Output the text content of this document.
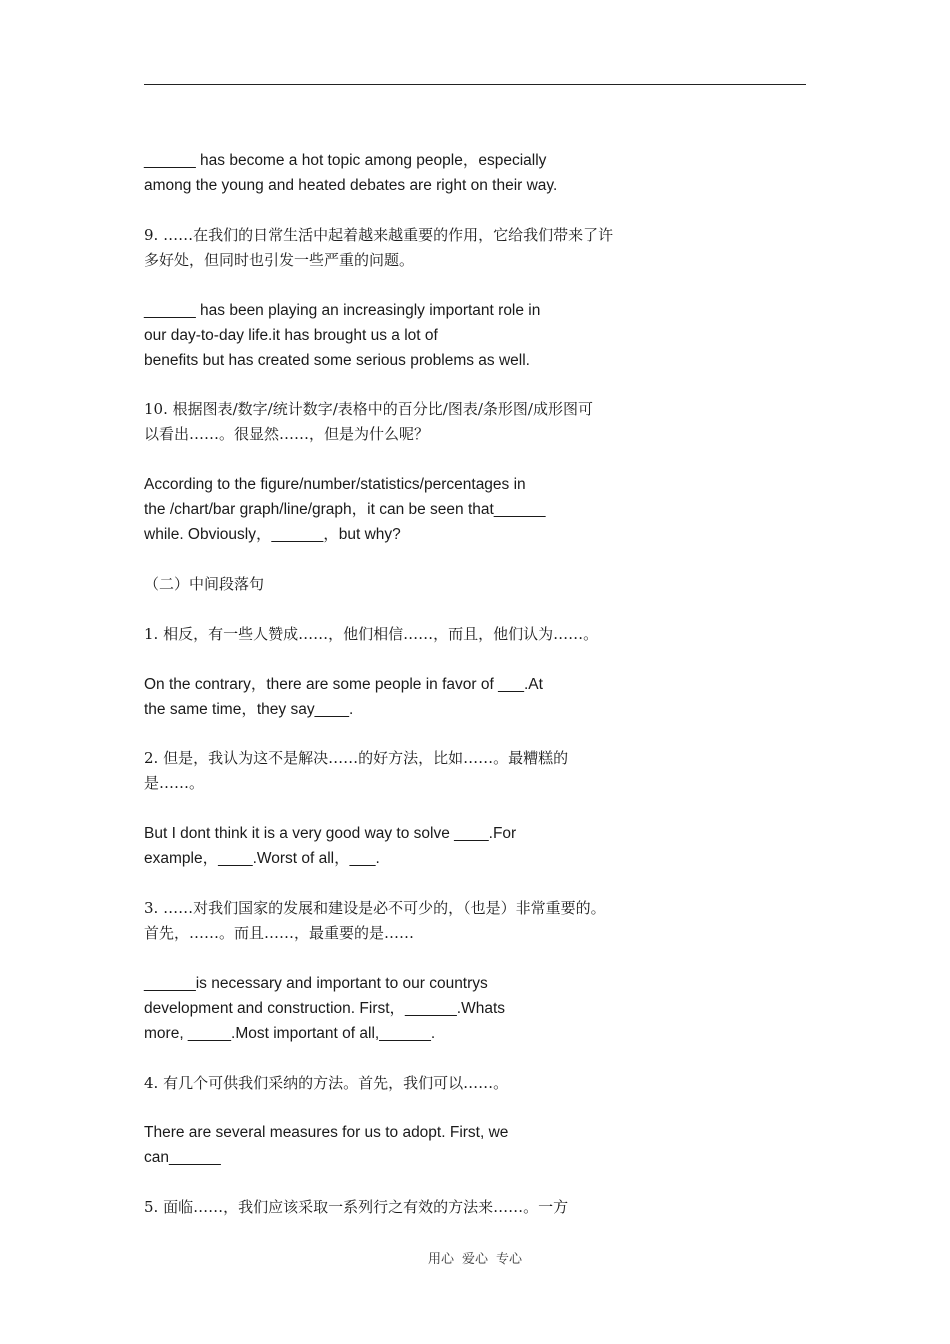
______ has become a hot topic among people，especially
among the young and heated debates are right on their way.
9. ……在我们的日常生活中起着越来越重要的作用，它给我们带来了许
多好处，但同时也引发一些严重的问题。
______ has been playing an increasingly important role in
our day-to-day life.it has brought us a lot of
benefits but has created some serious problems as well.
10. 根据图表/数字/统计数字/表格中的百分比/图表/条形图/成形图可
以看出……。很显然……，但是为什么呢？
According to the figure/number/statistics/percentages in
the /chart/bar graph/line/graph，it can be seen that______
while. Obviously，______，but why?
（二）中间段落句
1. 相反，有一些人赞成……，他们相信……，而且，他们认为……。
On the contrary，there are some people in favor of ___.At
the same time，they say____.
2. 但是，我认为这不是解决……的好方法，比如……。最糟糕的
是……。
But I dont think it is a very good way to solve ____.For
example，____.Worst of all，___.
3. ……对我们国家的发展和建设是必不可少的，（也是）非常重要的。
首先，……。而且……，最重要的是……
______is necessary and important to our countrys
development and construction. First，______.Whats
more, _____.Most important of all,______.
4. 有几个可供我们采纳的方法。首先，我们可以……。
There are several measures for us to adopt. First, we
can______
5. 面临……，我们应该采取一系列行之有效的方法来……。一方
用心 爱心 专心
